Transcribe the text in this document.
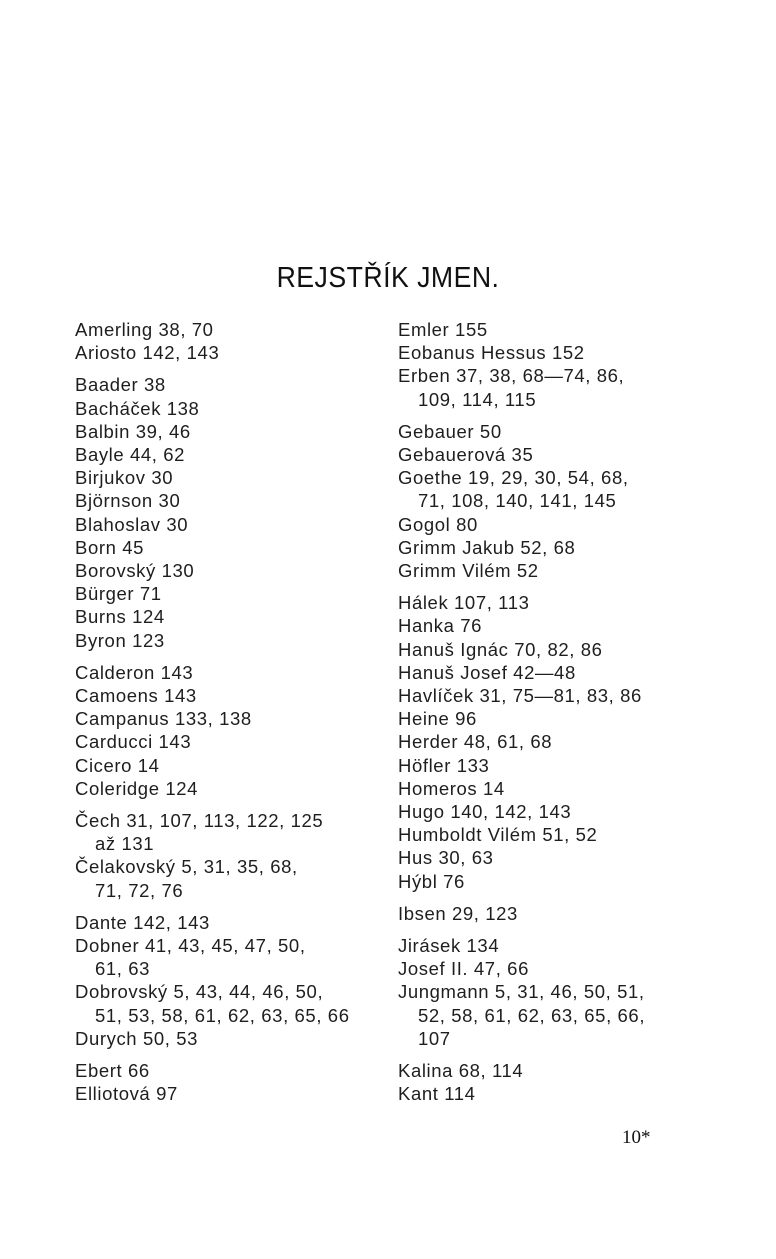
REJSTŘÍK JMEN.
Amerling 38, 70
Ariosto 142, 143
Baader 38
Bacháček 138
Balbin 39, 46
Bayle 44, 62
Birjukov 30
Björnson 30
Blahoslav 30
Born 45
Borovský 130
Bürger 71
Burns 124
Byron 123
Calderon 143
Camoens 143
Campanus 133, 138
Carducci 143
Cicero 14
Coleridge 124
Čech 31, 107, 113, 122, 125
až 131
Čelakovský 5, 31, 35, 68,
71, 72, 76
Dante 142, 143
Dobner 41, 43, 45, 47, 50,
61, 63
Dobrovský 5, 43, 44, 46, 50,
51, 53, 58, 61, 62, 63, 65, 66
Durych 50, 53
Ebert 66
Elliotová 97
Emler 155
Eobanus Hessus 152
Erben 37, 38, 68—74, 86,
109, 114, 115
Gebauer 50
Gebauerová 35
Goethe 19, 29, 30, 54, 68,
71, 108, 140, 141, 145
Gogol 80
Grimm Jakub 52, 68
Grimm Vilém 52
Hálek 107, 113
Hanka 76
Hanuš Ignác 70, 82, 86
Hanuš Josef 42—48
Havlíček 31, 75—81, 83, 86
Heine 96
Herder 48, 61, 68
Höfler 133
Homeros 14
Hugo 140, 142, 143
Humboldt Vilém 51, 52
Hus 30, 63
Hýbl 76
Ibsen 29, 123
Jirásek 134
Josef II. 47, 66
Jungmann 5, 31, 46, 50, 51,
52, 58, 61, 62, 63, 65, 66,
107
Kalina 68, 114
Kant 114
10*
